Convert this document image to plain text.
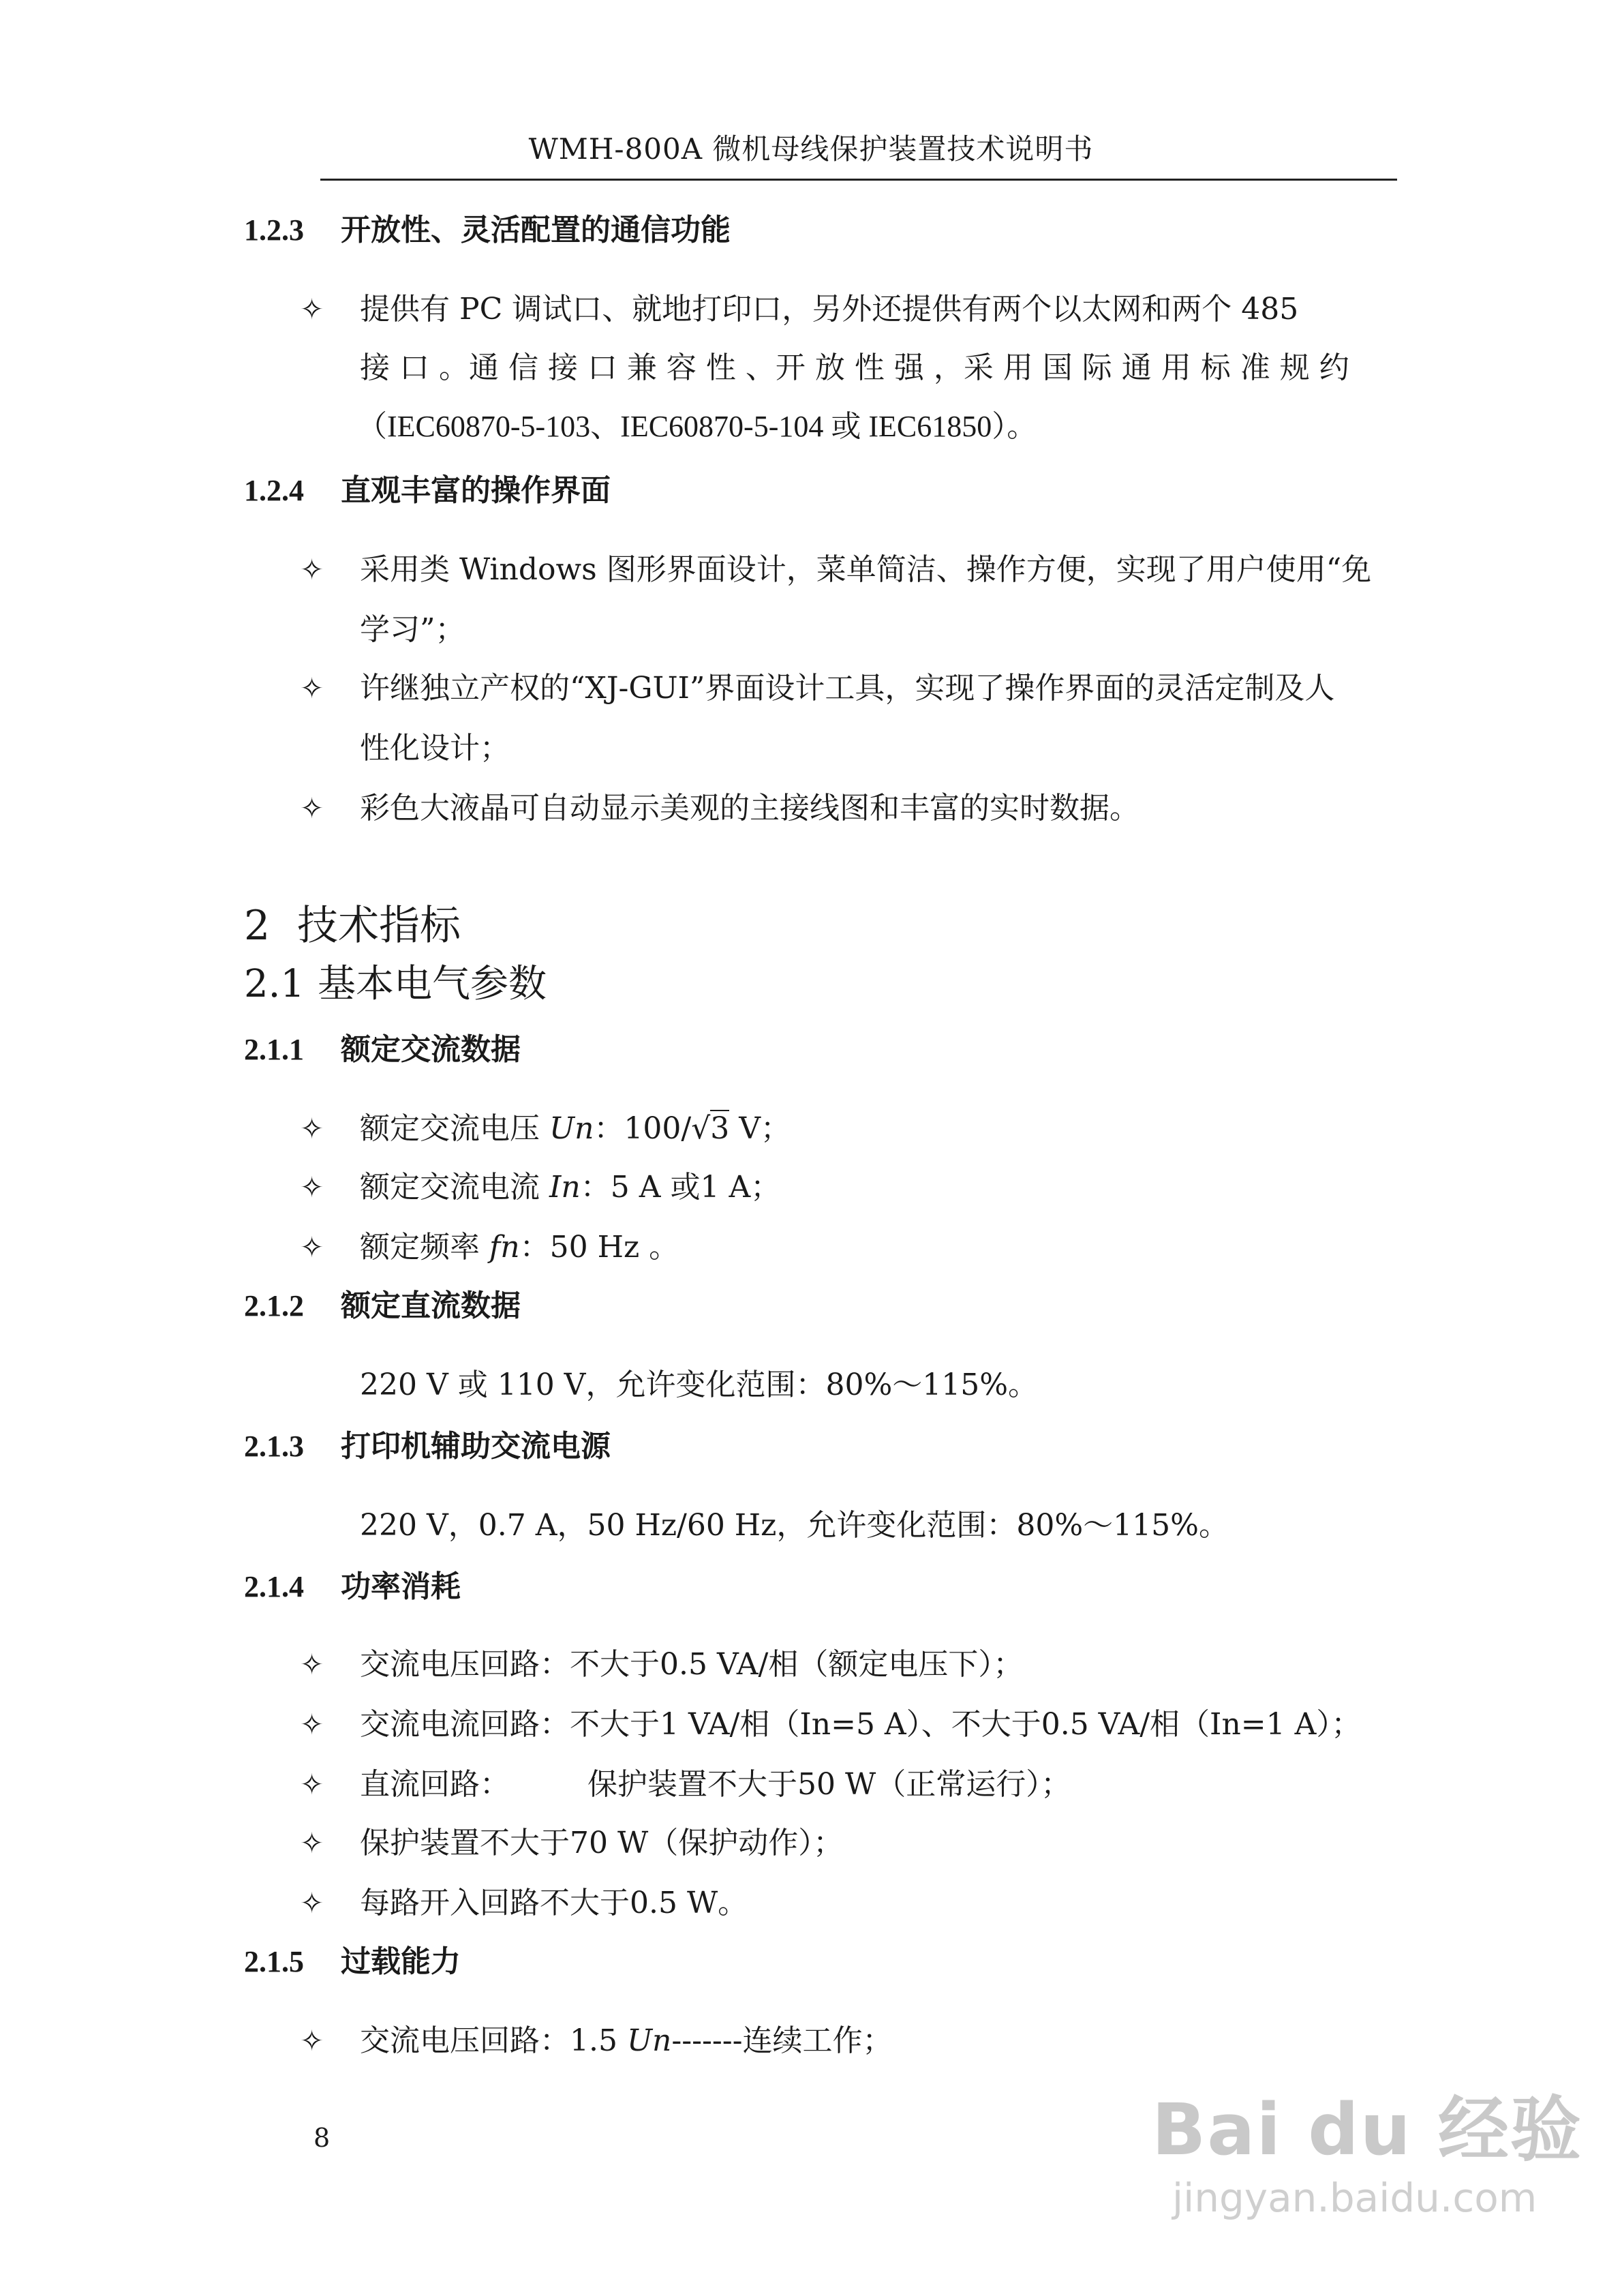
WMH-800A 微机母线保护装置技术说明书
1.2.3 开放性、灵活配置的通信功能
✧ 提供有 PC 调试口、就地打印口，另外还提供有两个以太网和两个 485
接 口 。通 信 接 口 兼 容 性 、开 放 性 强 ，采 用 国 际 通 用 标 准 规 约
（IEC60870-5-103、IEC60870-5-104 或 IEC61850）。
1.2.4 直观丰富的操作界面
✧ 采用类 Windows 图形界面设计，菜单简洁、操作方便，实现了用户使用“免
学习”；
✧ 许继独立产权的“XJ-GUI”界面设计工具，实现了操作界面的灵活定制及人
性化设计；
✧ 彩色大液晶可自动显示美观的主接线图和丰富的实时数据。
2 技术指标
2.1 基本电气参数
2.1.1 额定交流数据
✧ 额定交流电压 Un：100/√3 V；
✧ 额定交流电流 In：5 A 或1 A；
✧ 额定频率 fn：50 Hz 。
2.1.2 额定直流数据
220 V 或 110 V，允许变化范围：80%～115%。
2.1.3 打印机辅助交流电源
220 V，0.7 A，50 Hz/60 Hz，允许变化范围：80%～115%。
2.1.4 功率消耗
✧ 交流电压回路：不大于0.5 VA/相（额定电压下）；
✧ 交流电流回路：不大于1 VA/相（In=5 A）、不大于0.5 VA/相（In=1 A）；
✧ 直流回路：	保护装置不大于50 W（正常运行）；
✧ 保护装置不大于70 W（保护动作）；
✧ 每路开入回路不大于0.5 W。
2.1.5 过载能力
✧ 交流电压回路：1.5 Un-------连续工作；
8	Bai du 经验
jingyan.baidu.com
